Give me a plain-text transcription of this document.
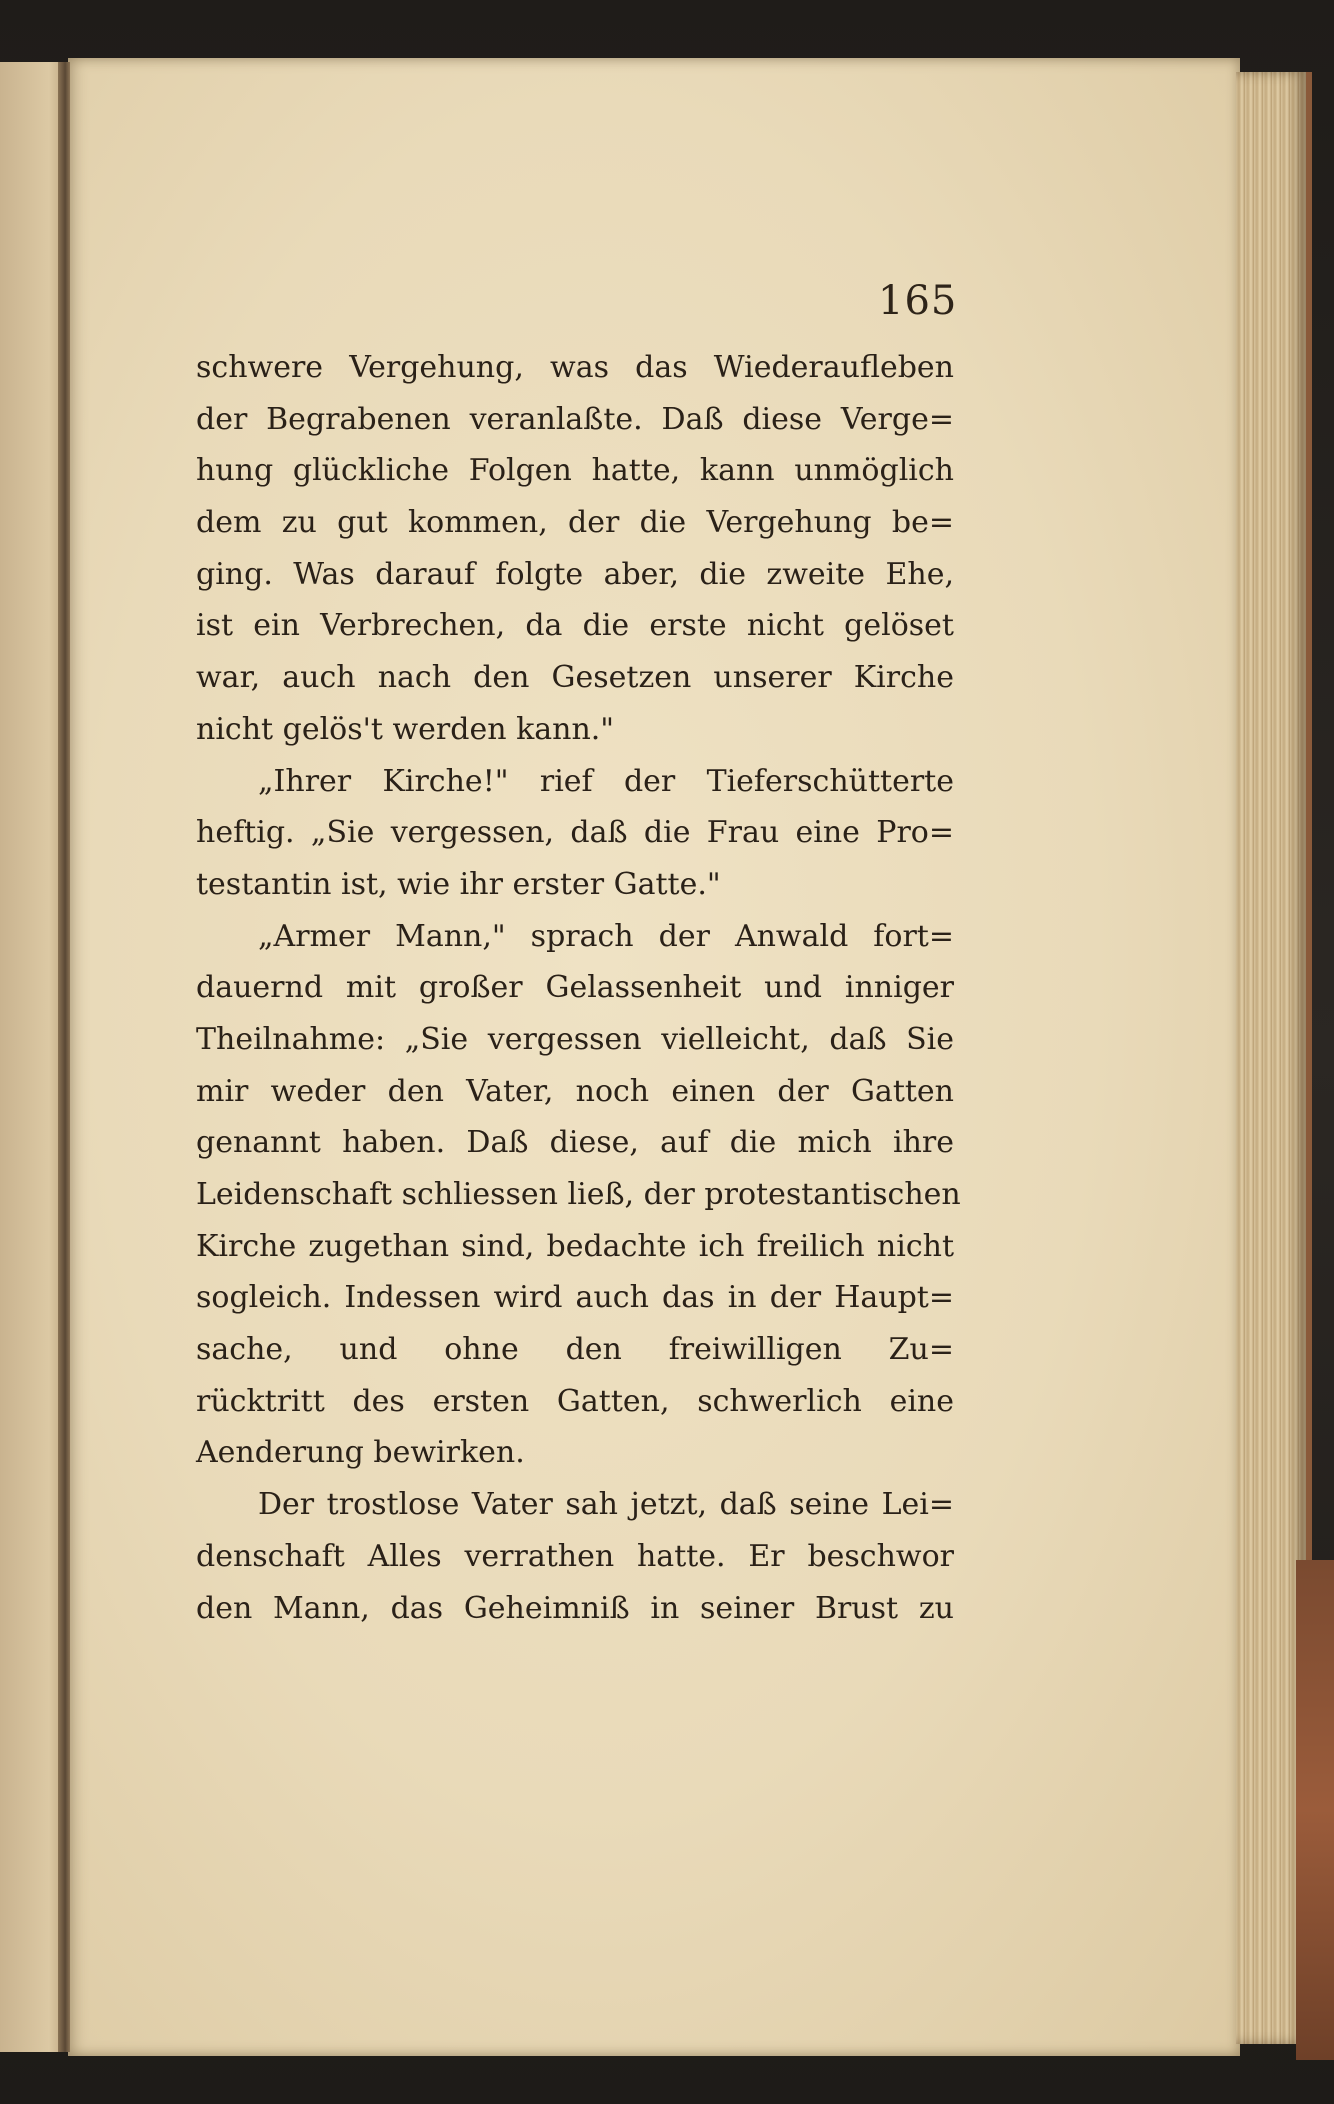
165
schwere Vergehung, was das Wiederaufleben
der Begrabenen veranlaßte. Daß diese Verge=
hung glückliche Folgen hatte, kann unmöglich
dem zu gut kommen, der die Vergehung be=
ging. Was darauf folgte aber, die zweite Ehe,
ist ein Verbrechen, da die erste nicht gelöset
war, auch nach den Gesetzen unserer Kirche
nicht gelös't werden kann."
„Ihrer Kirche!" rief der Tieferschütterte
heftig. „Sie vergessen, daß die Frau eine Pro=
testantin ist, wie ihr erster Gatte."
„Armer Mann," sprach der Anwald fort=
dauernd mit großer Gelassenheit und inniger
Theilnahme: „Sie vergessen vielleicht, daß Sie
mir weder den Vater, noch einen der Gatten
genannt haben. Daß diese, auf die mich ihre
Leidenschaft schliessen ließ, der protestantischen
Kirche zugethan sind, bedachte ich freilich nicht
sogleich. Indessen wird auch das in der Haupt=
sache, und ohne den freiwilligen Zu=
rücktritt des ersten Gatten, schwerlich eine
Aenderung bewirken.
Der trostlose Vater sah jetzt, daß seine Lei=
denschaft Alles verrathen hatte. Er beschwor
den Mann, das Geheimniß in seiner Brust zu
